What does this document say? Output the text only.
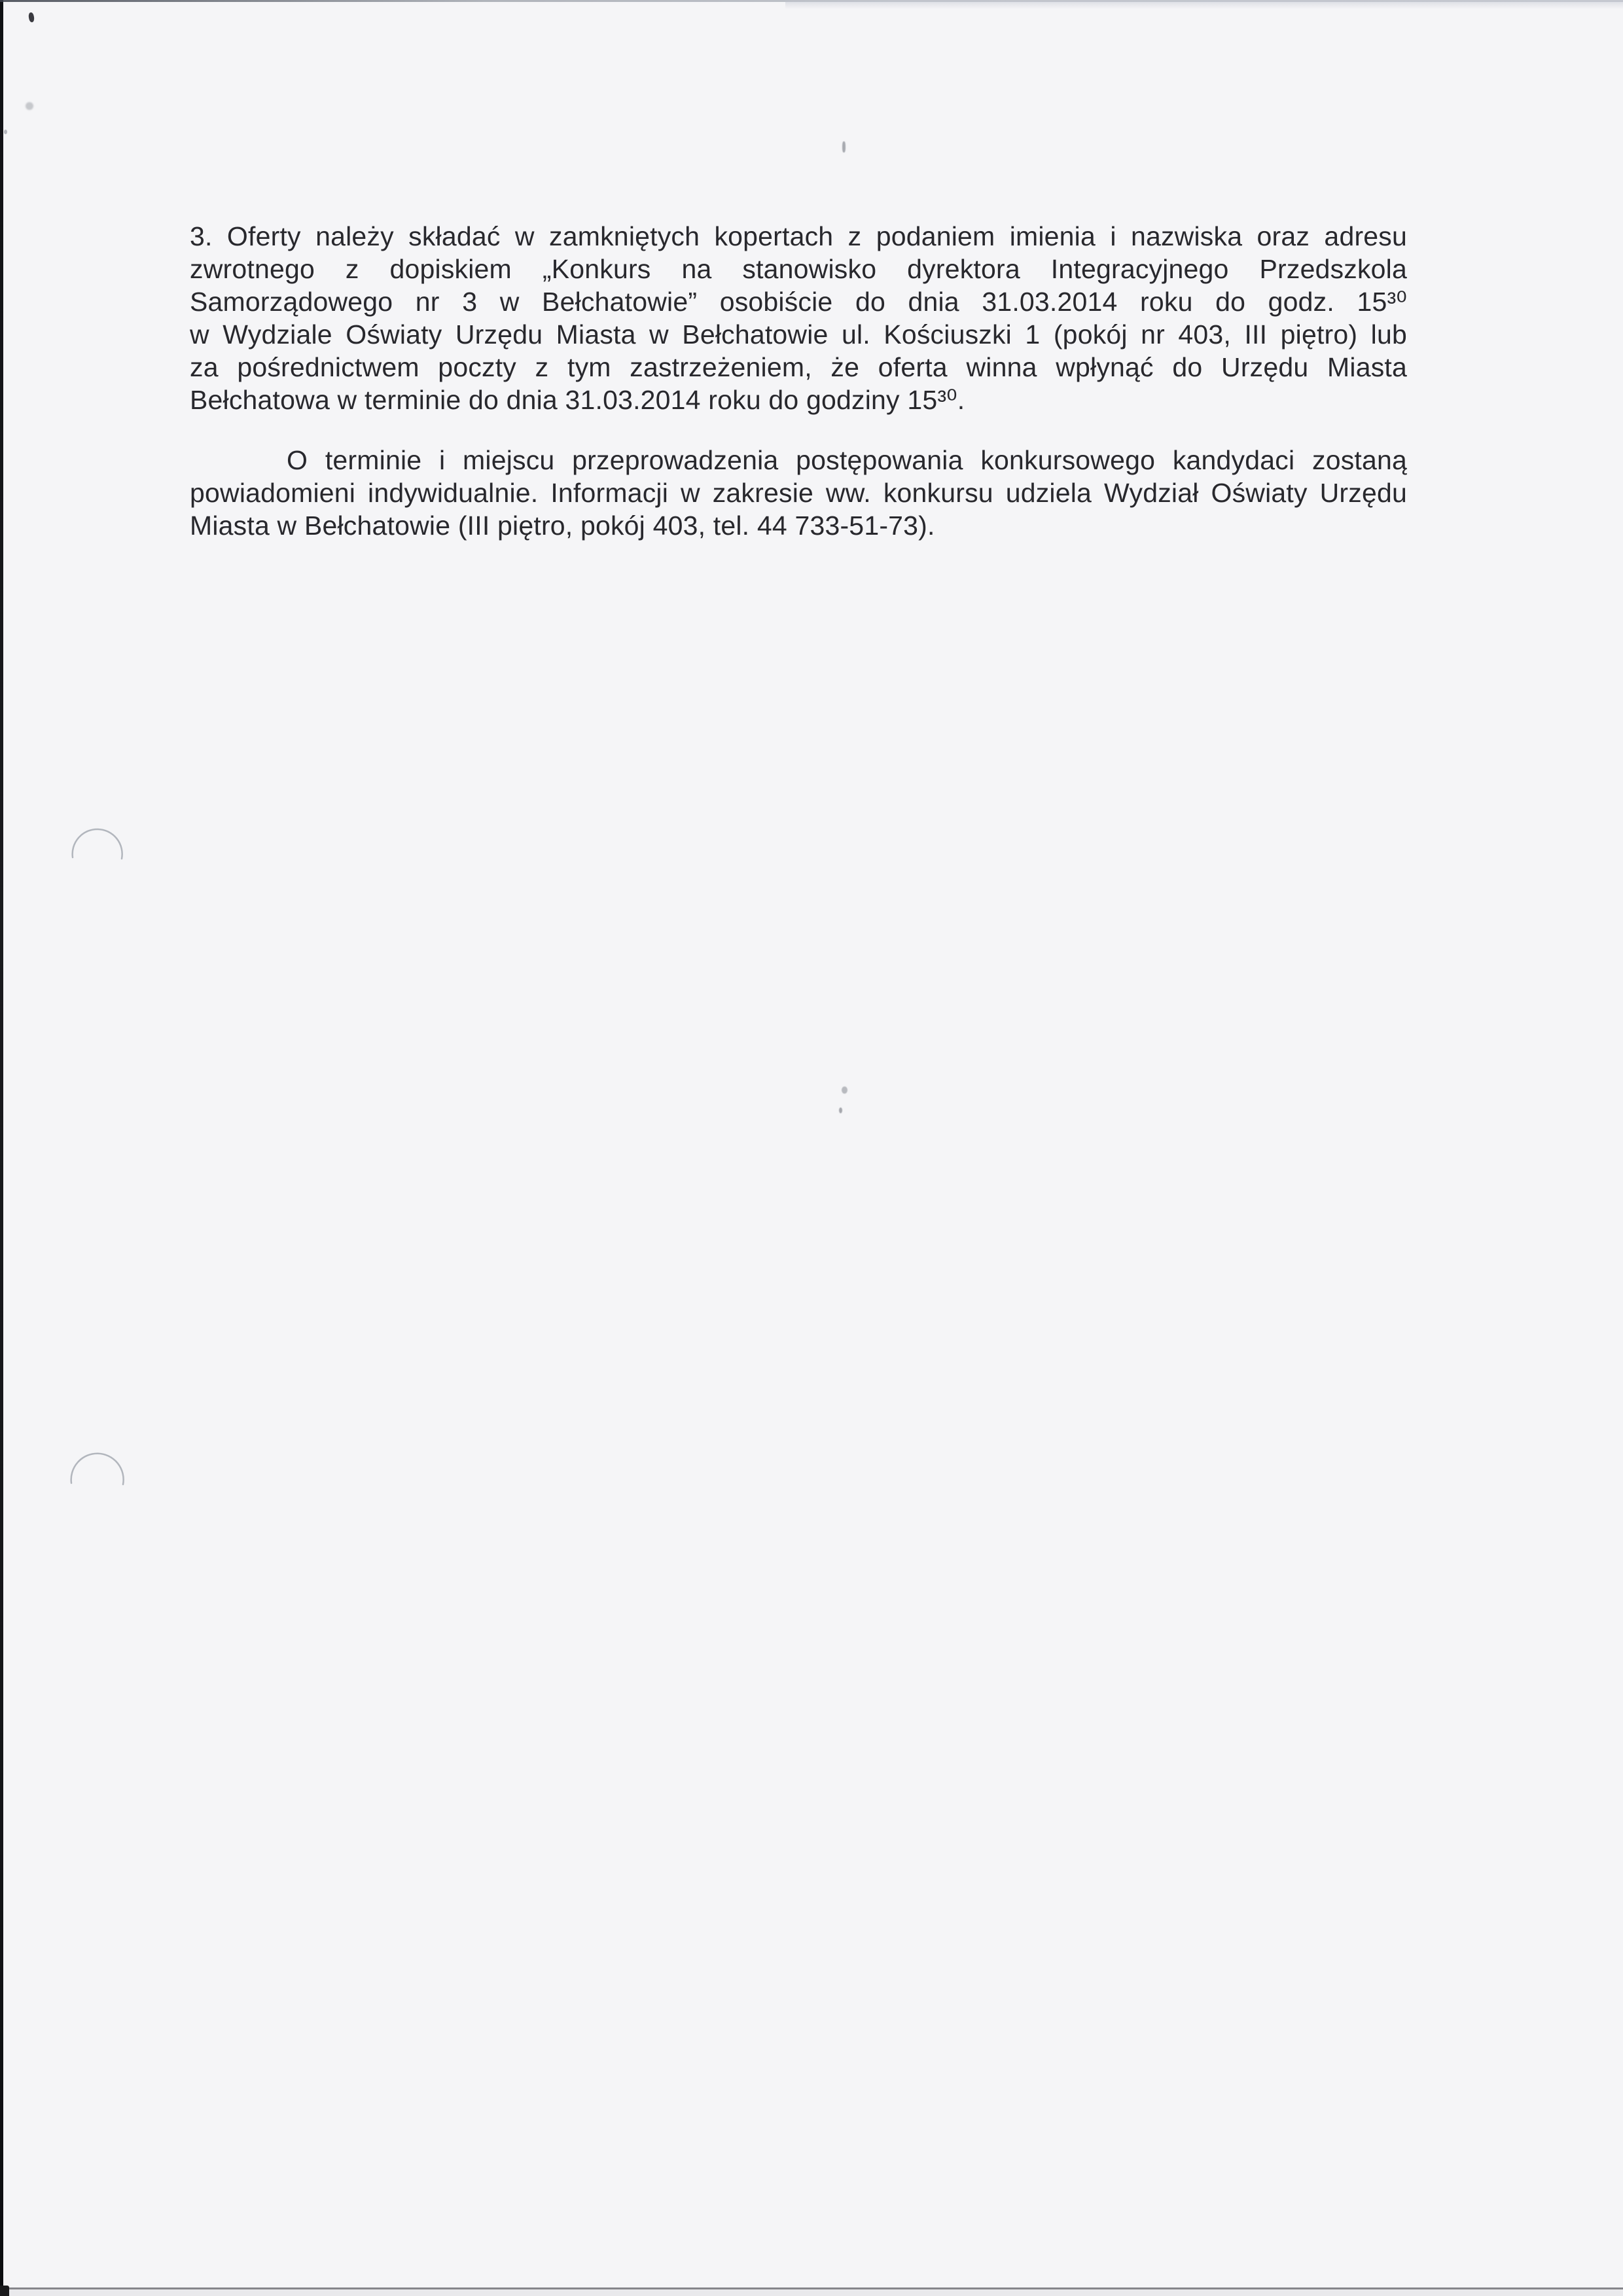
3. Oferty należy składać w zamkniętych kopertach z podaniem imienia i nazwiska oraz adresu
zwrotnego z dopiskiem „Konkurs na stanowisko dyrektora Integracyjnego Przedszkola
Samorządowego nr 3 w Bełchatowie” osobiście do dnia 31.03.2014 roku do godz. 15³⁰
w Wydziale Oświaty Urzędu Miasta w Bełchatowie ul. Kościuszki 1 (pokój nr 403, III piętro) lub
za pośrednictwem poczty z tym zastrzeżeniem, że oferta winna wpłynąć do Urzędu Miasta
Bełchatowa w terminie do dnia 31.03.2014 roku do godziny 15³⁰.
O terminie i miejscu przeprowadzenia postępowania konkursowego kandydaci zostaną
powiadomieni indywidualnie. Informacji w zakresie ww. konkursu udziela Wydział Oświaty Urzędu
Miasta w Bełchatowie (III piętro, pokój 403, tel. 44 733-51-73).
